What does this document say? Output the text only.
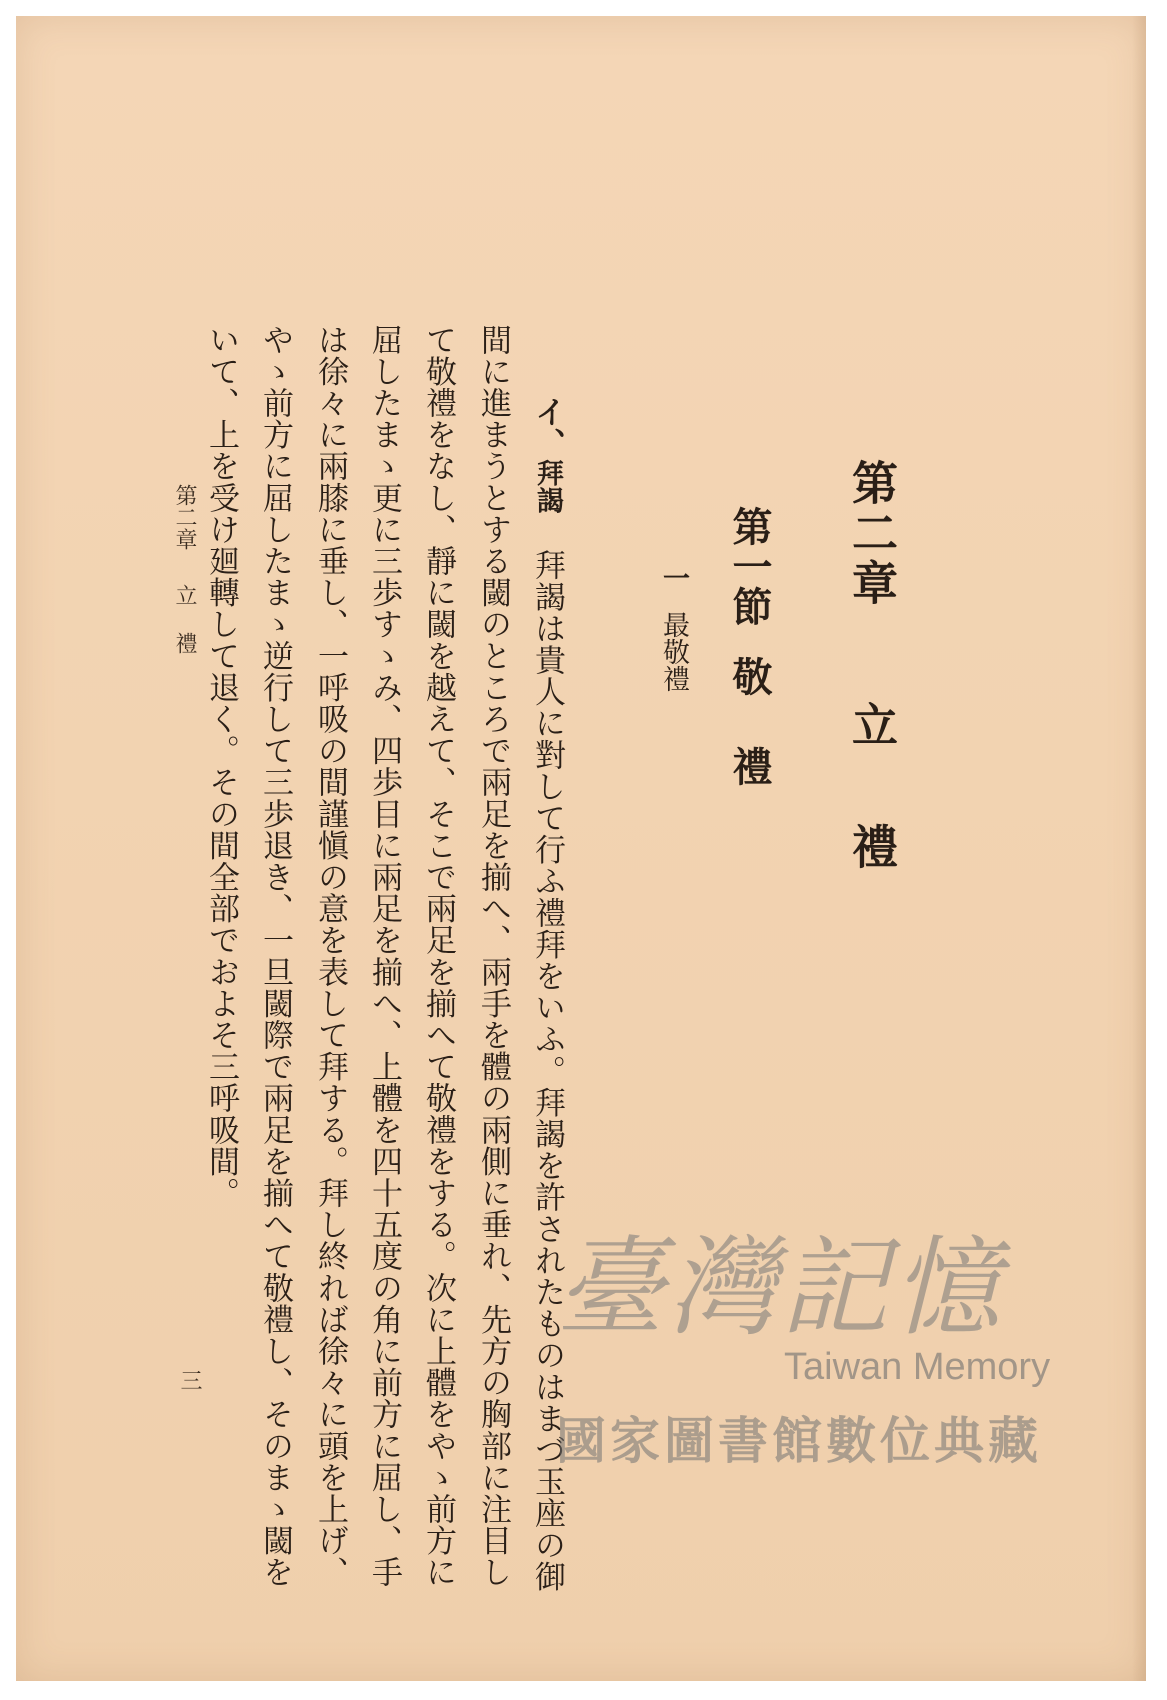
第二章立禮
第一節敬禮
一最敬禮
イ、拜謁拜謁は貴人に對して行ふ禮拜をいふ。拜謁を許されたものはまづ玉座の御
間に進まうとする閾のところで兩足を揃へ、兩手を體の兩側に垂れ、先方の胸部に注目し
て敬禮をなし、靜に閾を越えて、そこで兩足を揃へて敬禮をする。次に上體をやゝ前方に
屈したまゝ更に三歩すゝみ、四歩目に兩足を揃へ、上體を四十五度の角に前方に屈し、手
は徐々に兩膝に垂し、一呼吸の間謹愼の意を表して拜する。拜し終れば徐々に頭を上げ、
やゝ前方に屈したまゝ逆行して三歩退き、一旦閾際で兩足を揃へて敬禮し、そのまゝ閾を
いて、上を受け廻轉して退く。その間全部でおよそ三呼吸間。
第二章立禮
三
臺灣記憶
Taiwan Memory
國家圖書館數位典藏
